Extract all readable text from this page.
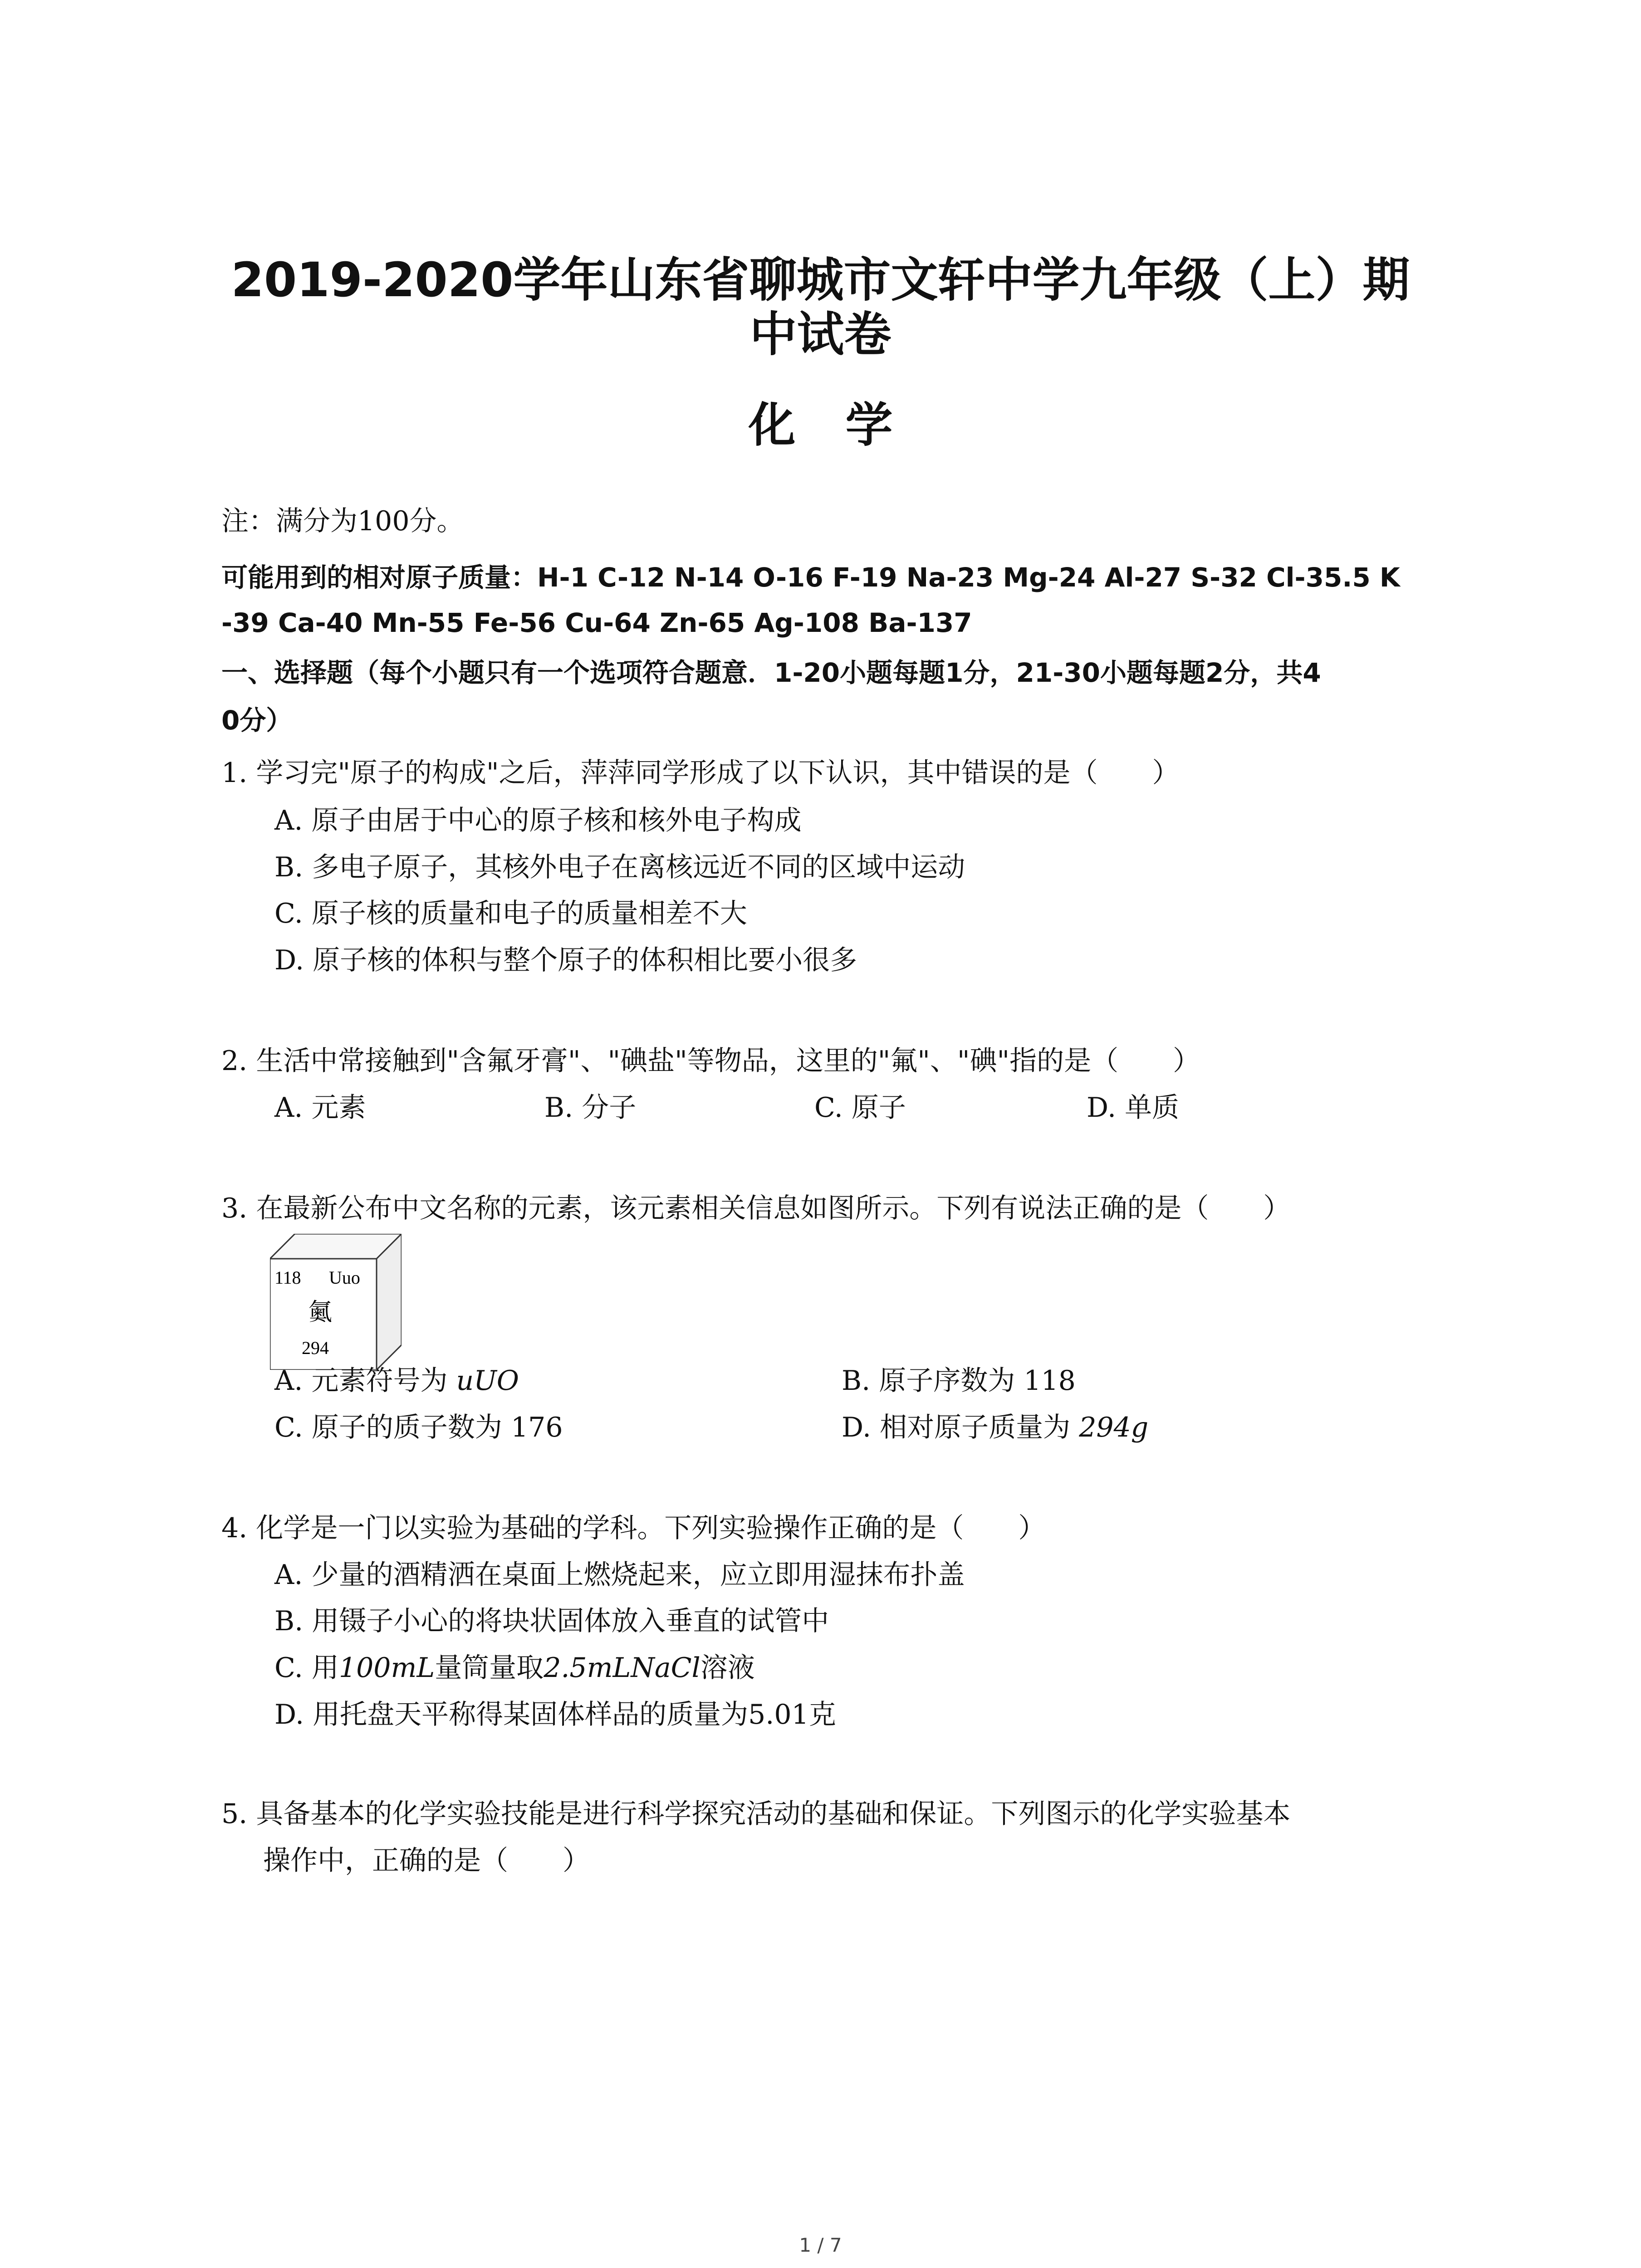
2019-2020学年山东省聊城市文轩中学九年级（上）期
中试卷
化学
注：满分为100分。
可能用到的相对原子质量：H-1 C-12 N-14 O-16 F-19 Na-23 Mg-24 Al-27 S-32 Cl-35.5 K
-39 Ca-40 Mn-55 Fe-56 Cu-64 Zn-65 Ag-108 Ba-137
一、选择题（每个小题只有一个选项符合题意．1-20小题每题1分，21-30小题每题2分，共4
0分）
1. 学习完"原子的构成"之后，萍萍同学形成了以下认识，其中错误的是（　　）
A. 原子由居于中心的原子核和核外电子构成
B. 多电子原子，其核外电子在离核远近不同的区域中运动
C. 原子核的质量和电子的质量相差不大
D. 原子核的体积与整个原子的体积相比要小很多
2. 生活中常接触到"含氟牙膏"、"碘盐"等物品，这里的"氟"、"碘"指的是（　　）
A. 元素	B. 分子	C. 原子	D. 单质
3. 在最新公布中文名称的元素，该元素相关信息如图所示。下列有说法正确的是（　　）
118 Uuo
鿫
294
A. 元素符号为 uUO	B. 原子序数为 118
C. 原子的质子数为 176	D. 相对原子质量为 294g
4. 化学是一门以实验为基础的学科。下列实验操作正确的是（　　）
A. 少量的酒精洒在桌面上燃烧起来，应立即用湿抹布扑盖
B. 用镊子小心的将块状固体放入垂直的试管中
C. 用100mL量筒量取2.5mLNaCl溶液
D. 用托盘天平称得某固体样品的质量为5.01克
5. 具备基本的化学实验技能是进行科学探究活动的基础和保证。下列图示的化学实验基本
操作中，正确的是（　　）
1 / 7
